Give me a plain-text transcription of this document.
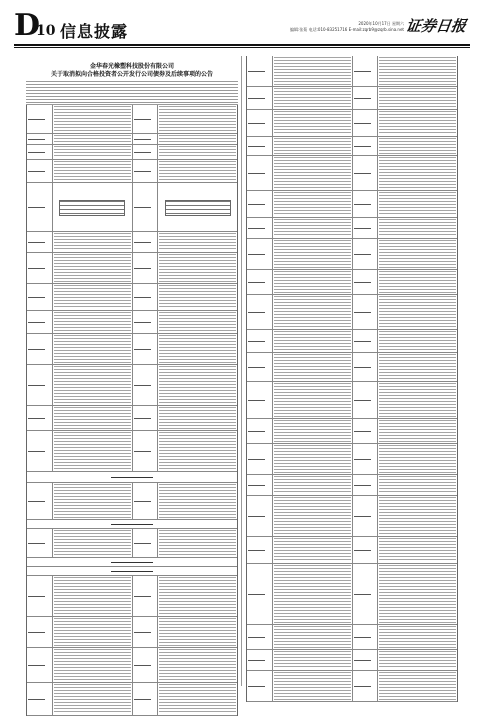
D
10 信息披露	2020年10月17日 星期六
编辑:张菊 电话:010-83251716 E-mail:zqrb9@zqrb.sina.net 证券日报
金华春光橡塑科技股份有限公司
关于取消拟向合格投资者公开发行公司债券及后续事项的公告
